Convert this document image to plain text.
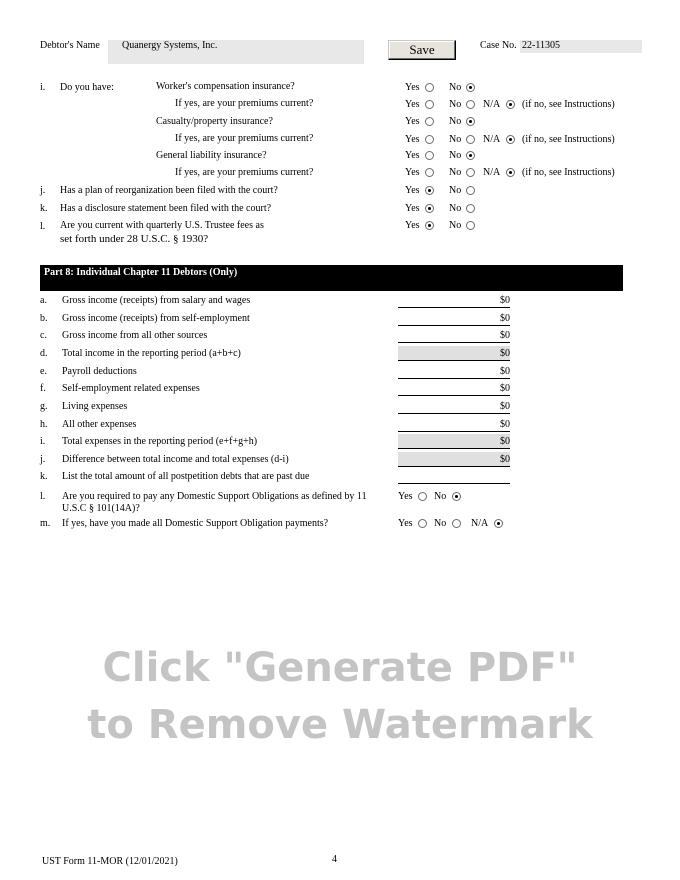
Debtor's Name Quanergy Systems, Inc.	Save	Case No. 22-11305
i. Do you have:	Worker's compensation insurance?	Yes	No
If yes, are your premiums current?	Yes	No N/A (if no, see Instructions)
Casualty/property insurance?	Yes	No
If yes, are your premiums current?	Yes	No N/A (if no, see Instructions)
General liability insurance?	Yes	No
If yes, are your premiums current?	Yes	No N/A (if no, see Instructions)
j. Has a plan of reorganization been filed with the court?	Yes	No
k. Has a disclosure statement been filed with the court?	Yes	No
l. Are you current with quarterly U.S. Trustee fees as
set forth under 28 U.S.C. § 1930?
Yes	No
Part 8: Individual Chapter 11 Debtors (Only)
a. Gross income (receipts) from salary and wages	$0
b. Gross income (receipts) from self-employment	$0
c. Gross income from all other sources	$0
d. Total income in the reporting period (a+b+c)	$0
e. Payroll deductions	$0
f. Self-employment related expenses	$0
g. Living expenses	$0
h. All other expenses	$0
i. Total expenses in the reporting period (e+f+g+h)	$0
j. Difference between total income and total expenses (d-i)	$0
k. List the total amount of all postpetition debts that are past due
l. Are you required to pay any Domestic Support Obligations as defined by 11
U.S.C § 101(14A)?
Yes No
m. If yes, have you made all Domestic Support Obligation payments?	Yes No N/A
Click "Generate PDF"
to Remove Watermark
UST Form 11-MOR (12/01/2021)	4
